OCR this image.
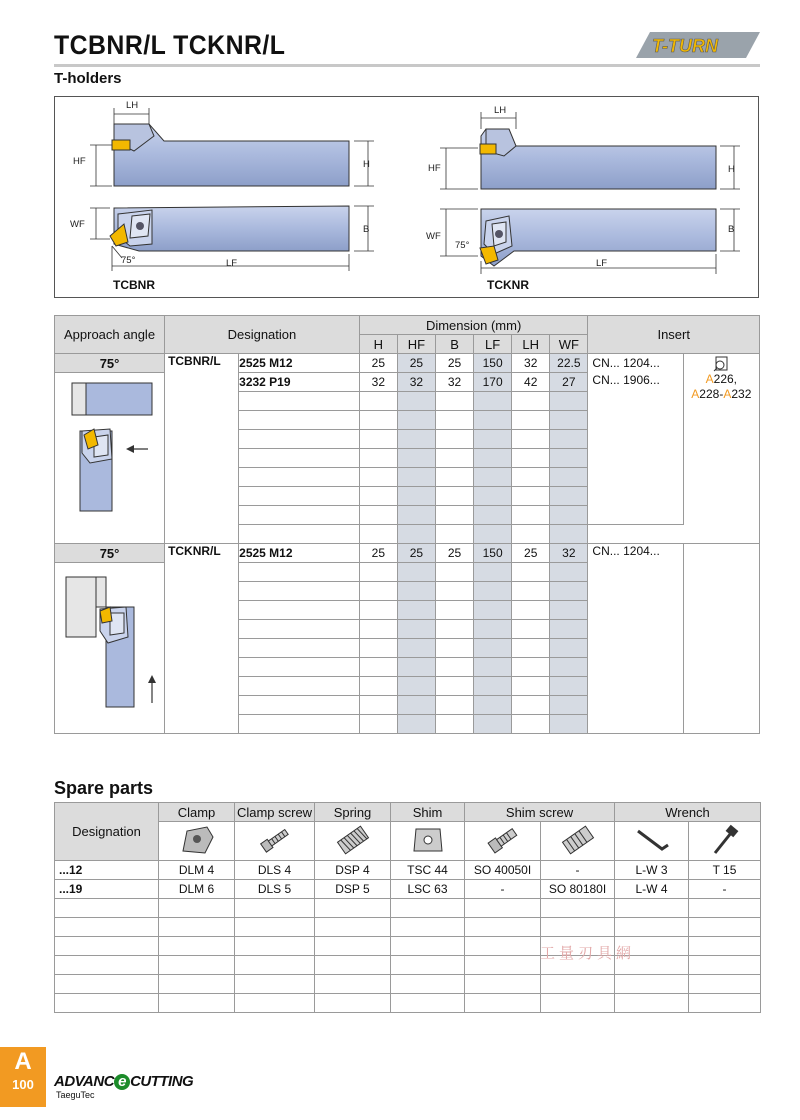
TCBNR/L TCKNR/L	T-TURN
T-holders
LH
HF	H
WF	B
75°	LF
TCBNR
LH
HF	H
WF
B
75°
LF
TCKNR
Approach angle	Designation		Dimension (mm)						Insert	
			H	HF	B	LF	LH	WF		
75°	TCBNR/L	2525 M12	25	25	25	150	32	22.5	CN... 1204...	A226,
A228-A232

	3232 P19	32	32	32	170	42	27	CN... 1906...	

75°	TCKNR/L	2525 M12	25	25	25	150	25	32	CN... 1204...	

Spare parts
Designation	Clamp	Clamp screw	Spring	Shim	Shim screw		Wrench	

...12	DLM 4	DLS 4	DSP 4	TSC 44	SO 40050I	-	L-W 3	T 15
...19	DLM 6	DLS 5	DSP 5	LSC 63	-	SO 80180I	L-W 4	-

工量刃具網
A
100	ADVANC e CUTTING
TaeguTec
